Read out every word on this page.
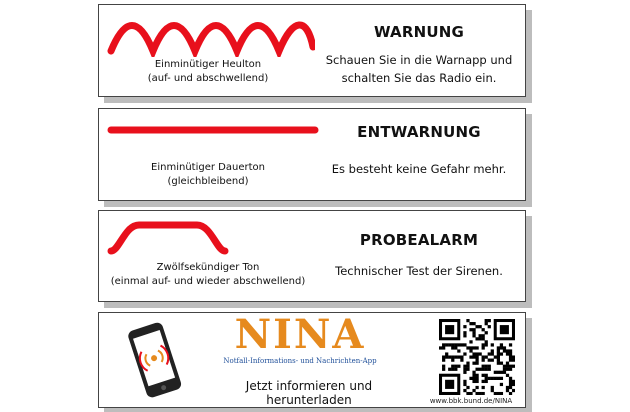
Einminütiger Heulton
(auf- und abschwellend)
WARNUNG
Schauen Sie in die Warnapp und
schalten Sie das Radio ein.
Einminütiger Dauerton
(gleichbleibend)
ENTWARNUNG
Es besteht keine Gefahr mehr.
Zwölfsekündiger Ton
(einmal auf- und wieder abschwellend)
PROBEALARM
Technischer Test der Sirenen.
NINA
Notfall-Informations- und Nachrichten-App
Jetzt informieren und herunterladen	www.bbk.bund.de/NINA
